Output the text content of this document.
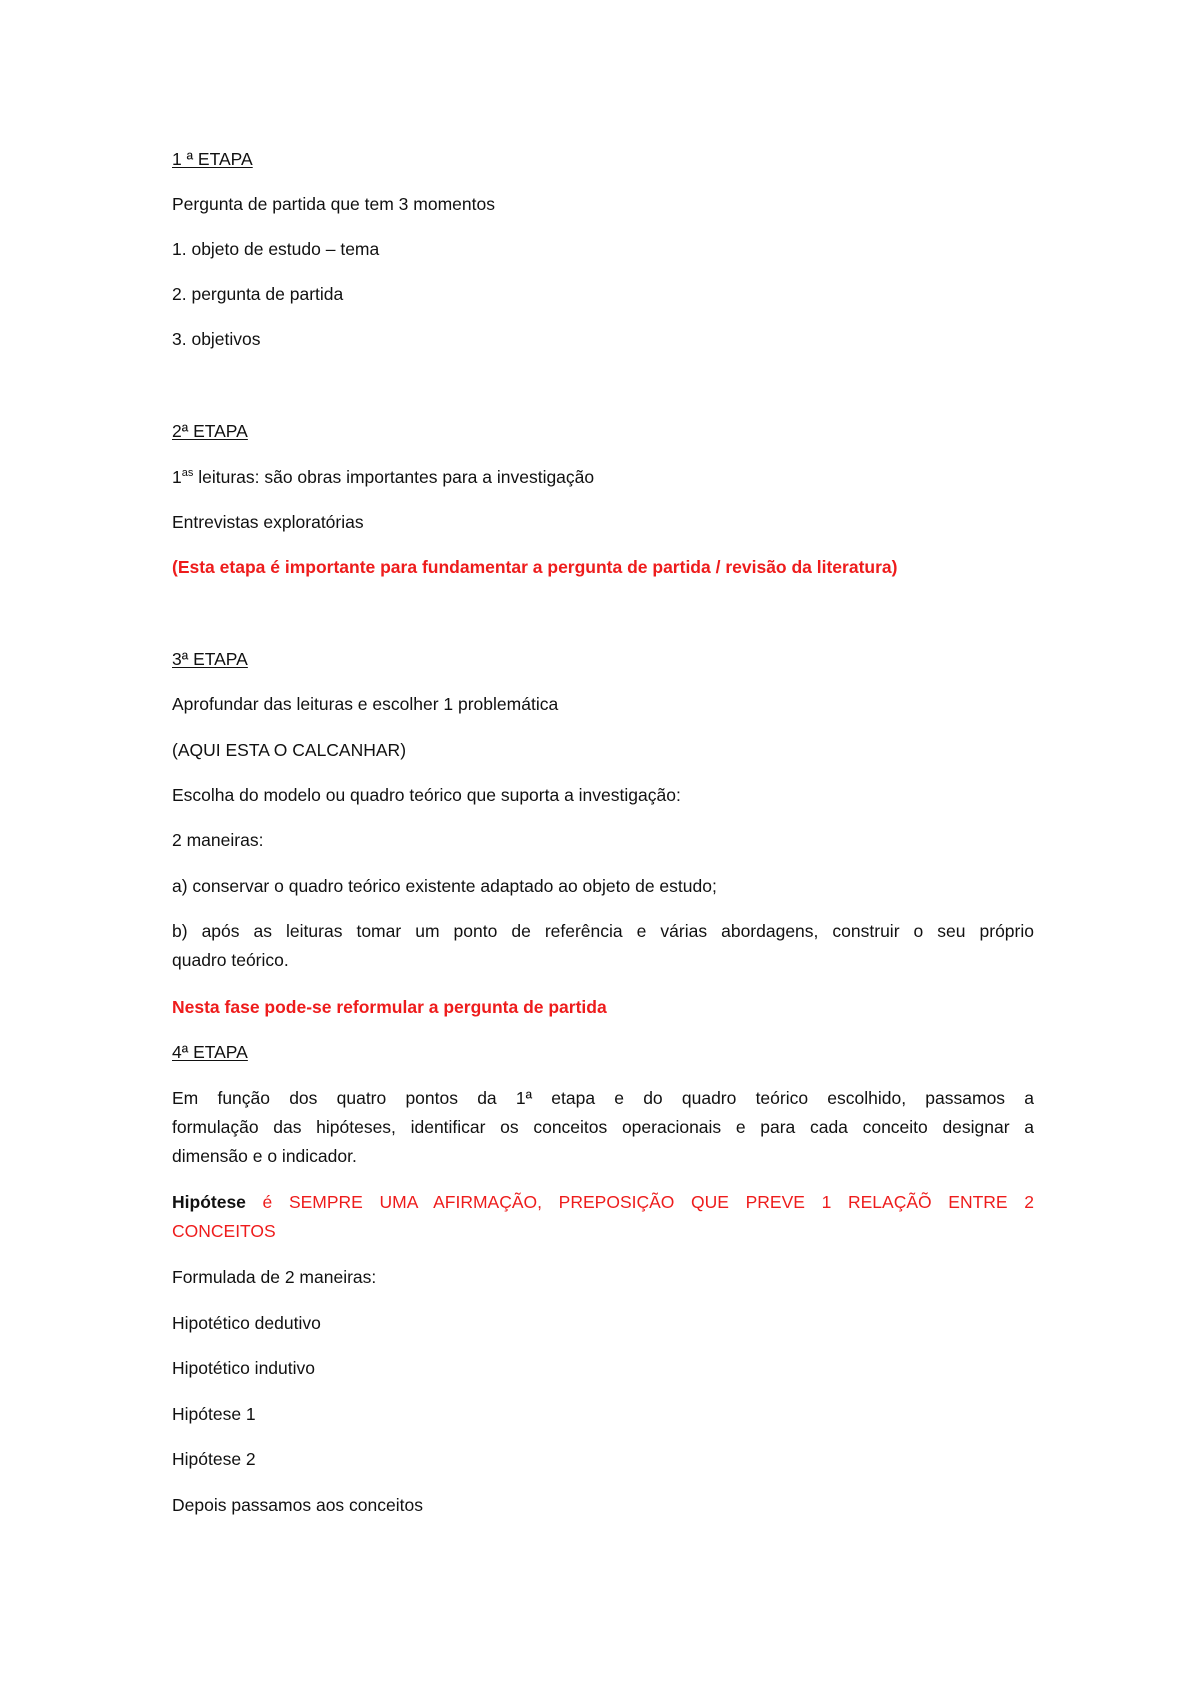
1 ª ETAPA

Pergunta de partida que tem 3 momentos

1. objeto de estudo – tema

2. pergunta de partida

3. objetivos

2ª ETAPA

$1^{as}$ leituras: são obras importantes para a investigação

Entrevistas exploratórias

(Esta etapa é importante para fundamentar a pergunta de partida / revisão da literatura)

3ª ETAPA

Aprofundar das leituras e escolher 1 problemática

(AQUI ESTA O CALCANHAR)

Escolha do modelo ou quadro teórico que suporta a investigação:

2 maneiras:

a) conservar o quadro teórico existente adaptado ao objeto de estudo;

b) após as leituras tomar um ponto de referência e várias abordagens, construir o seu próprio

quadro teórico.

Nesta fase pode-se reformular a pergunta de partida

4ª ETAPA

Em função dos quatro pontos da 1ª etapa e do quadro teórico escolhido, passamos a

formulação das hipóteses, identificar os conceitos operacionais e para cada conceito designar a

dimensão e o indicador.

Hipótese é SEMPRE UMA AFIRMAÇÃO, PREPOSIÇÃO QUE PREVE 1 RELAÇÃÕ ENTRE 2

CONCEITOS

Formulada de 2 maneiras:

Hipotético dedutivo

Hipotético indutivo

Hipótese 1

Hipótese 2

Depois passamos aos conceitos
